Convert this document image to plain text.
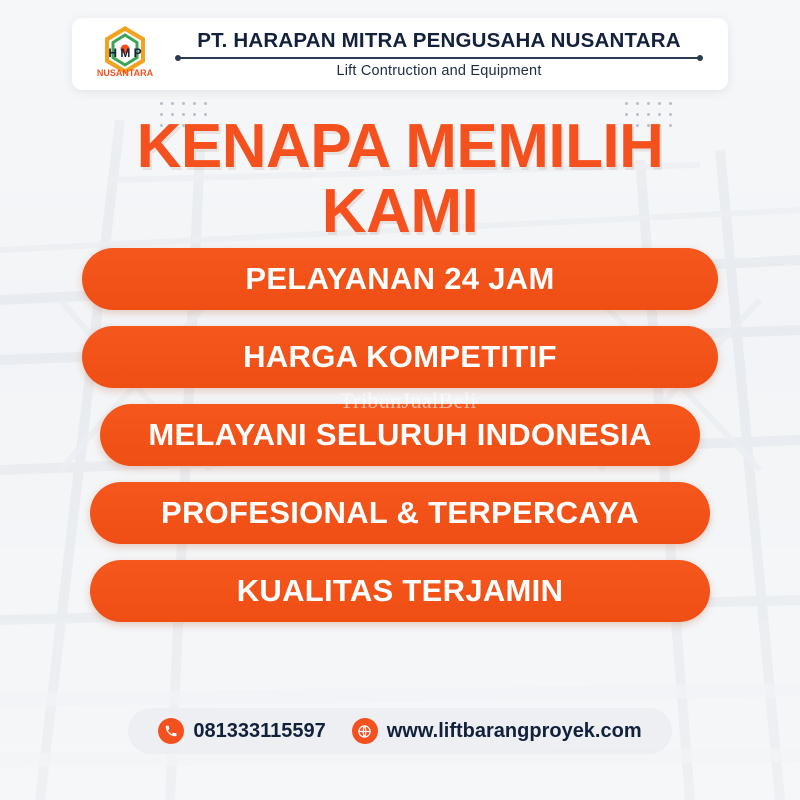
H M P
NUSANTARA
PT. HARAPAN MITRA PENGUSAHA NUSANTARA
Lift Contruction and Equipment
KENAPA MEMILIH
KAMI
PELAYANAN 24 JAM
HARGA KOMPETITIF
MELAYANI SELURUH INDONESIA
PROFESIONAL & TERPERCAYA
KUALITAS TERJAMIN
TribunJualBeli
081333115597	www.liftbarangproyek.com
